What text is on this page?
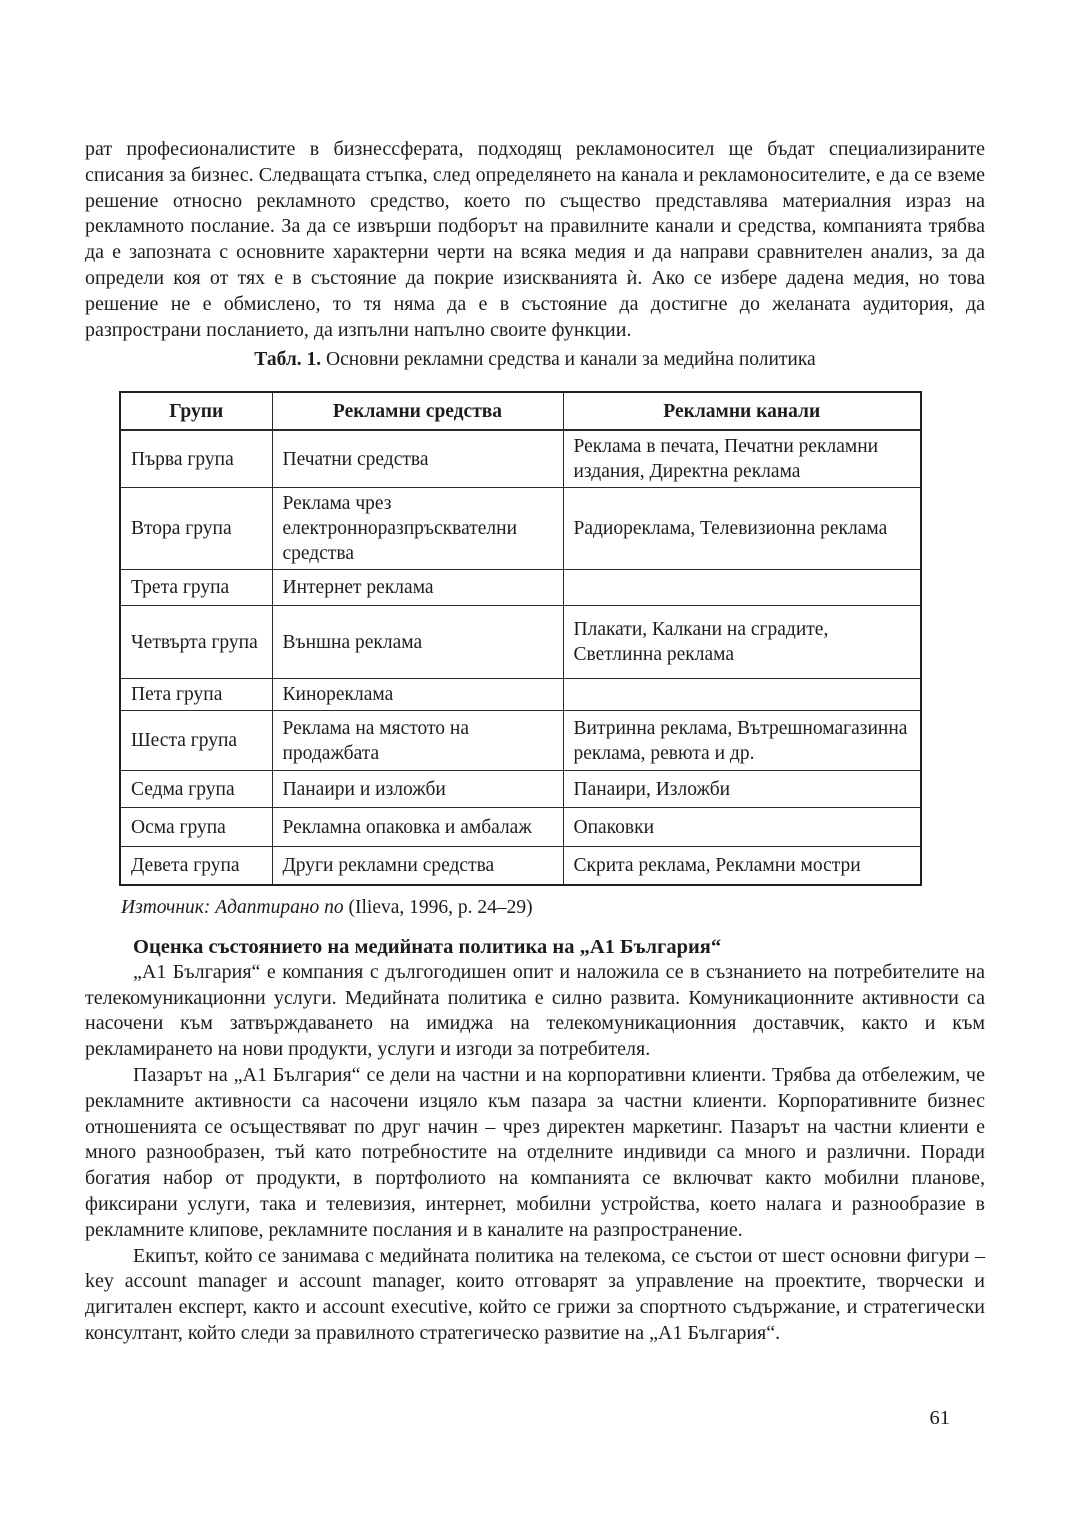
рат професионалистите в бизнессферата, подходящ рекламоносител ще бъдат специализираните списания за бизнес. Следващата стъпка, след определянето на канала и рекламоносителите, е да се вземе решение относно рекламното средство, което по същество представлява материалния израз на рекламното послание. За да се извърши подборът на правилните канали и средства, компанията трябва да е запозната с основните характерни черти на всяка медия и да направи сравнителен анализ, за да определи коя от тях е в състояние да покрие изискванията ѝ. Ако се избере дадена медия, но това решение не е обмислено, то тя няма да е в състояние да достигне до желаната аудитория, да разпространи посланието, да изпълни напълно своите функции.

Табл. 1. Основни рекламни средства и канали за медийна политика
Групи	Рекламни средства	Рекламни канали
Първа група	Печатни средства	Реклама в печата, Печатни рекламни издания, Директна реклама
Втора група	Реклама чрез електронноразпръсквателни средства	Радиореклама, Телевизионна реклама
Трета група	Интернет реклама	
Четвърта група	Външна реклама	Плакати, Калкани на сградите, Светлинна реклама
Пета група	Кинореклама	
Шеста група	Реклама на мястото на продажбата	Витринна реклама, Вътрешномагазинна реклама, ревюта и др.
Седма група	Панаири и изложби	Панаири, Изложби
Осма група	Рекламна опаковка и амбалаж	Опаковки
Девета група	Други рекламни средства	Скрита реклама, Рекламни мостри
Източник: Адаптирано по (Ilieva, 1996, p. 24–29)
Оценка състоянието на медийната политика на „А1 България“

„А1 България“ е компания с дългогодишен опит и наложила се в съзнанието на потребителите на телекомуникационни услуги. Медийната политика е силно развита. Комуникационните активности са насочени към затвърждаването на имиджа на телекомуникационния доставчик, както и към рекламирането на нови продукти, услуги и изгоди за потребителя.

Пазарът на „А1 България“ се дели на частни и на корпоративни клиенти. Трябва да отбележим, че рекламните активности са насочени изцяло към пазара за частни клиенти. Корпоративните бизнес отношенията се осъществяват по друг начин – чрез директен маркетинг. Пазарът на частни клиенти е много разнообразен, тъй като потребностите на отделните индивиди са много и различни. Поради богатия набор от продукти, в портфолиото на компанията се включват както мобилни планове, фиксирани услуги, така и телевизия, интернет, мобилни устройства, което налага и разнообразие в рекламните клипове, рекламните послания и в каналите на разпространение.

Екипът, който се занимава с медийната политика на телекома, се състои от шест основни фигури – key account manager и account manager, които отговарят за управление на проектите, творчески и дигитален експерт, както и account executive, който се грижи за спортното съдържание, и стратегически консултант, който следи за правилното стратегическо развитие на „А1 България“.

61
